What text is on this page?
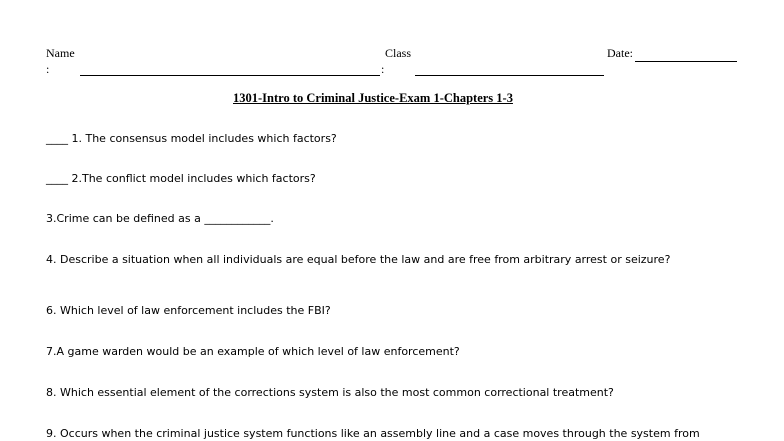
Name
:
Class
:
Date:
1301-Intro to Criminal Justice-Exam 1-Chapters 1-3
____ 1. The consensus model includes which factors?
____ 2.The conflict model includes which factors?
3.Crime can be defined as a ____________.
4. Describe a situation when all individuals are equal before the law and are free from arbitrary arrest or seizure?
6. Which level of law enforcement includes the FBI?
7.A game warden would be an example of which level of law enforcement?
8. Which essential element of the corrections system is also the most common correctional treatment?
9. Occurs when the criminal justice system functions like an assembly line and a case moves through the system from
